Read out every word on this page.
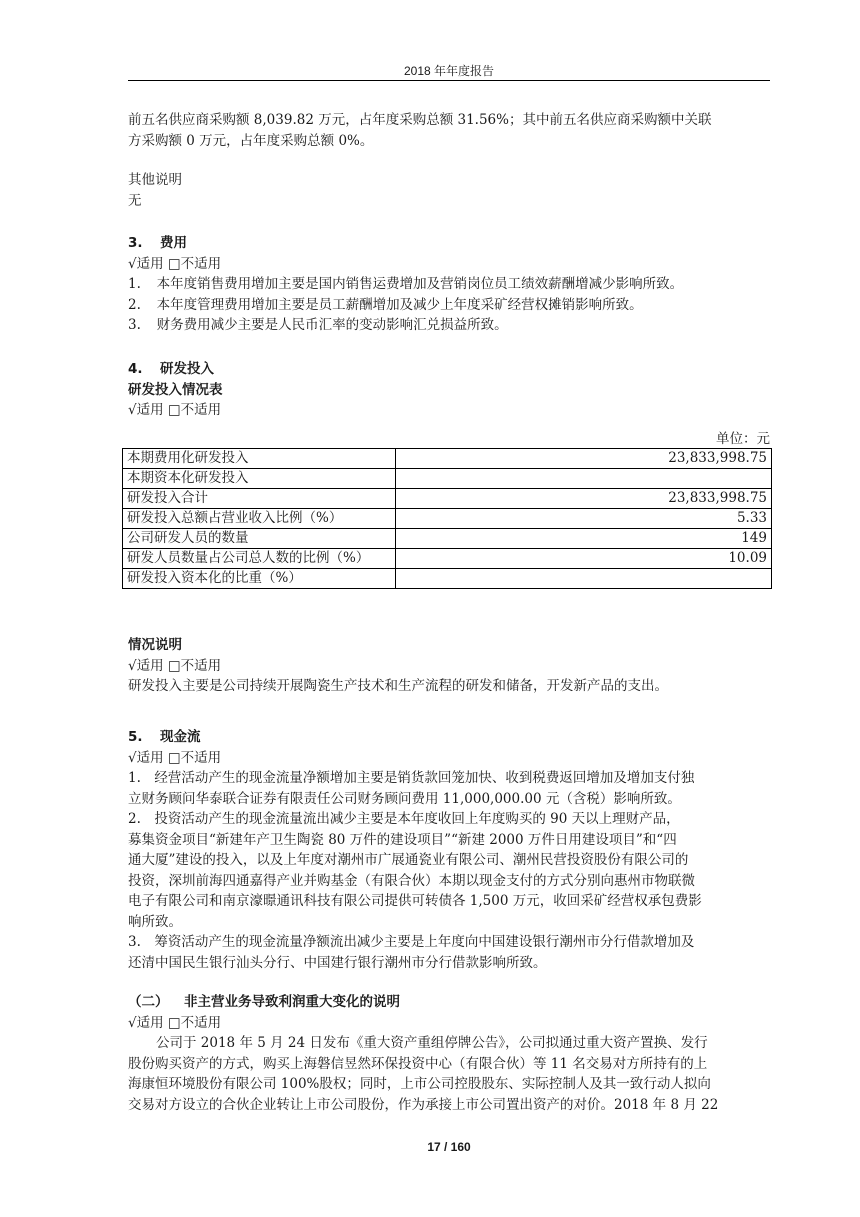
2018 年年度报告

前五名供应商采购额 8,039.82 万元，占年度采购总额 31.56%；其中前五名供应商采购额中关联

方采购额 0 万元，占年度采购总额 0%。

其他说明

无

3. 费用

√适用 □不适用

1. 本年度销售费用增加主要是国内销售运费增加及营销岗位员工绩效薪酬增减少影响所致。

2. 本年度管理费用增加主要是员工薪酬增加及减少上年度采矿经营权摊销影响所致。

3. 财务费用减少主要是人民币汇率的变动影响汇兑损益所致。

4. 研发投入

研发投入情况表

√适用 □不适用

单位：元
本期费用化研发投入	23,833,998.75
本期资本化研发投入	
研发投入合计	23,833,998.75
研发投入总额占营业收入比例（%）	5.33
公司研发人员的数量	149
研发人员数量占公司总人数的比例（%）	10.09
研发投入资本化的比重（%）	

情况说明

√适用 □不适用

研发投入主要是公司持续开展陶瓷生产技术和生产流程的研发和储备，开发新产品的支出。

5. 现金流

√适用 □不适用

1.　经营活动产生的现金流量净额增加主要是销货款回笼加快、收到税费返回增加及增加支付独

立财务顾问华泰联合证券有限责任公司财务顾问费用 11,000,000.00 元（含税）影响所致。

2.　投资活动产生的现金流量流出减少主要是本年度收回上年度购买的 90 天以上理财产品，

募集资金项目“新建年产卫生陶瓷 80 万件的建设项目”“新建 2000 万件日用建设项目”和“四

通大厦”建设的投入，以及上年度对潮州市广展通瓷业有限公司、潮州民营投资股份有限公司的

投资，深圳前海四通嘉得产业并购基金（有限合伙）本期以现金支付的方式分别向惠州市物联微

电子有限公司和南京濠暻通讯科技有限公司提供可转债各 1,500 万元，收回采矿经营权承包费影

响所致。

3.　筹资活动产生的现金流量净额流出减少主要是上年度向中国建设银行潮州市分行借款增加及

还清中国民生银行汕头分行、中国建行银行潮州市分行借款影响所致。

（二） 非主营业务导致利润重大变化的说明

√适用 □不适用

公司于 2018 年 5 月 24 日发布《重大资产重组停牌公告》，公司拟通过重大资产置换、发行

股份购买资产的方式，购买上海磐信昱然环保投资中心（有限合伙）等 11 名交易对方所持有的上

海康恒环境股份有限公司 100%股权；同时，上市公司控股股东、实际控制人及其一致行动人拟向

交易对方设立的合伙企业转让上市公司股份，作为承接上市公司置出资产的对价。2018 年 8 月 22

17 / 160
